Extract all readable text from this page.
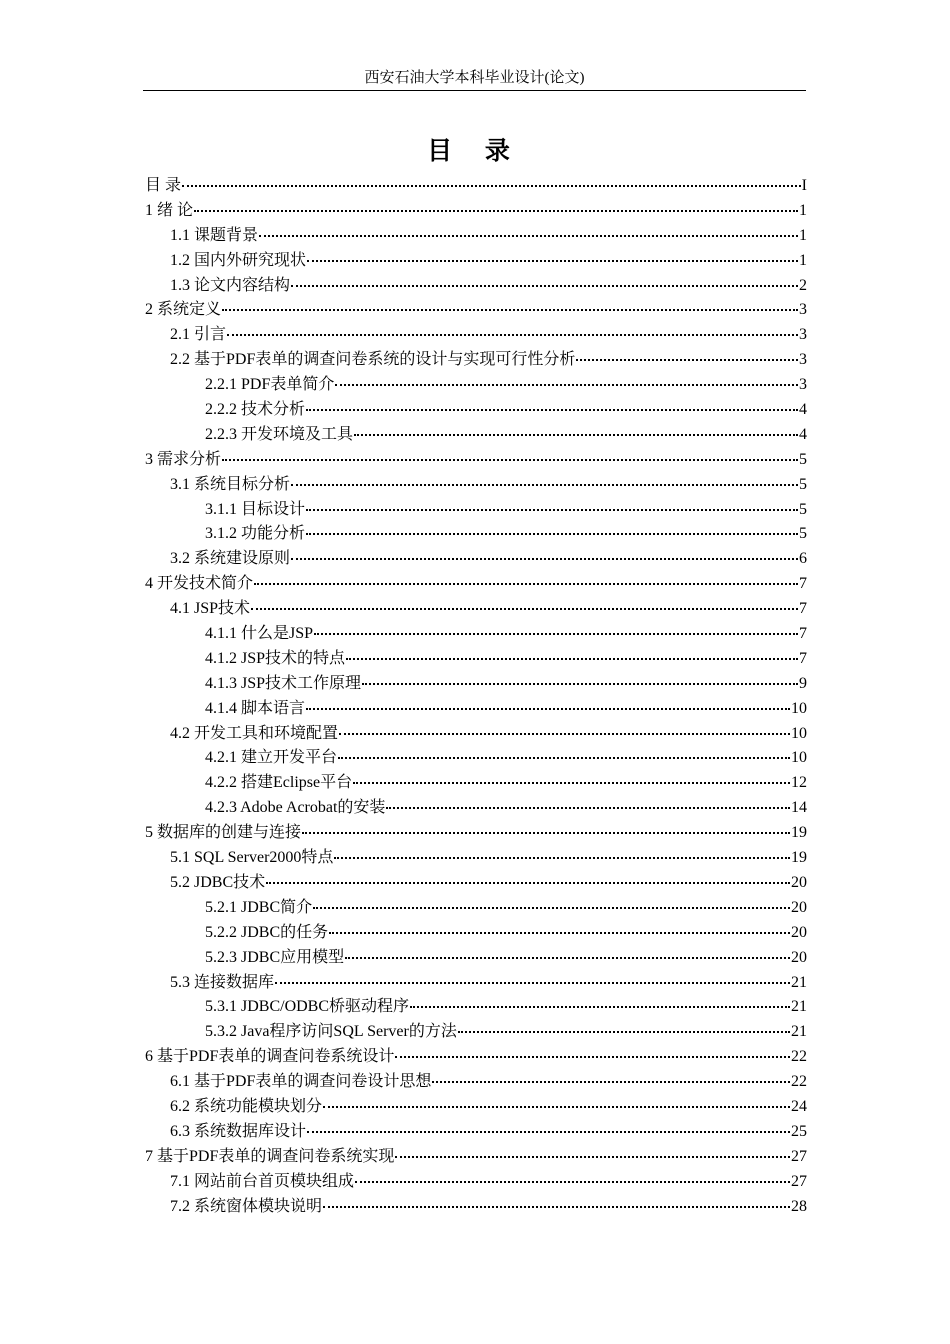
西安石油大学本科毕业设计(论文)
目 录
目 录	I
1 绪 论	1
1.1 课题背景	1
1.2 国内外研究现状	1
1.3 论文内容结构	2
2 系统定义	3
2.1 引言	3
2.2 基于PDF表单的调查问卷系统的设计与实现可行性分析	3
2.2.1 PDF表单简介	3
2.2.2 技术分析	4
2.2.3 开发环境及工具	4
3 需求分析	5
3.1 系统目标分析	5
3.1.1 目标设计	5
3.1.2 功能分析	5
3.2 系统建设原则	6
4 开发技术简介	7
4.1 JSP技术	7
4.1.1 什么是JSP	7
4.1.2 JSP技术的特点	7
4.1.3 JSP技术工作原理	9
4.1.4 脚本语言	10
4.2 开发工具和环境配置	10
4.2.1 建立开发平台	10
4.2.2 搭建Eclipse平台	12
4.2.3 Adobe Acrobat的安装	14
5 数据库的创建与连接	19
5.1 SQL Server2000特点	19
5.2 JDBC技术	20
5.2.1 JDBC简介	20
5.2.2 JDBC的任务	20
5.2.3 JDBC应用模型	20
5.3 连接数据库	21
5.3.1 JDBC/ODBC桥驱动程序	21
5.3.2 Java程序访问SQL Server的方法	21
6 基于PDF表单的调查问卷系统设计	22
6.1 基于PDF表单的调查问卷设计思想	22
6.2 系统功能模块划分	24
6.3 系统数据库设计	25
7 基于PDF表单的调查问卷系统实现	27
7.1 网站前台首页模块组成	27
7.2 系统窗体模块说明	28
